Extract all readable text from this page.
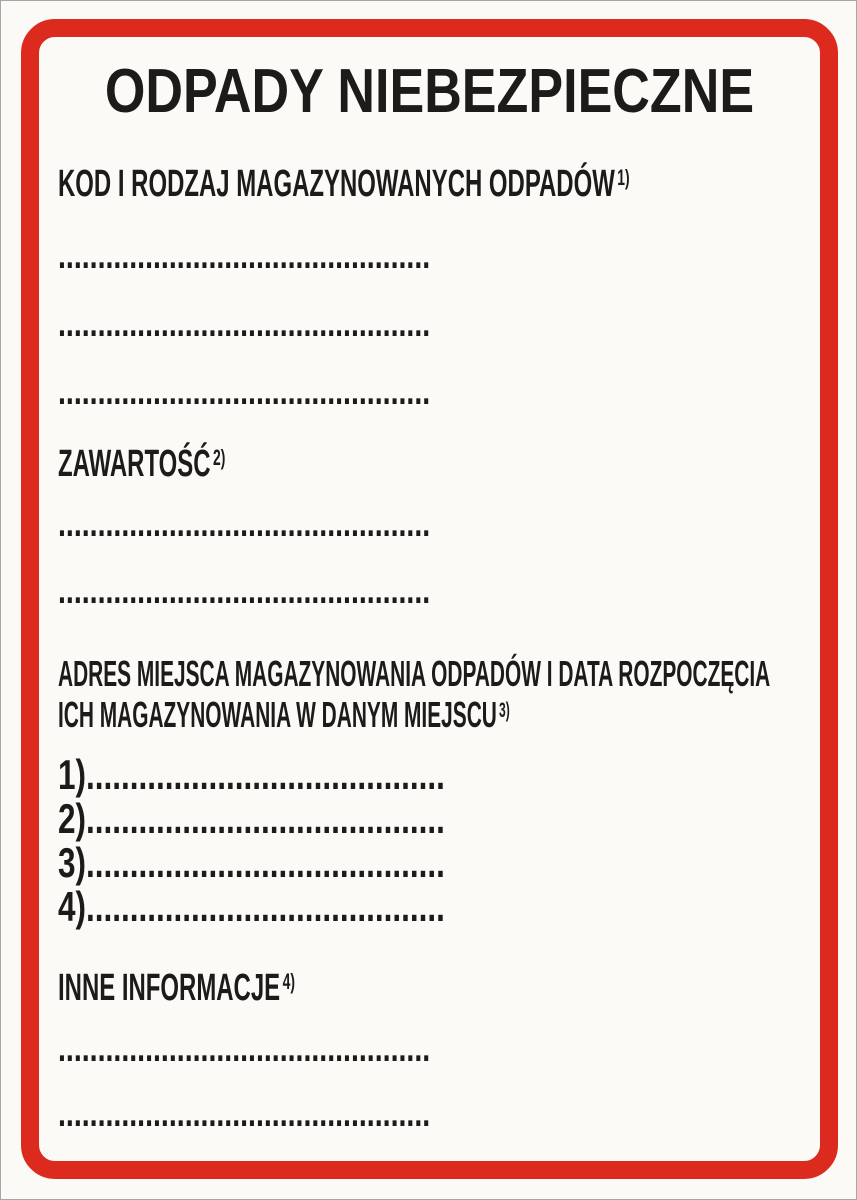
ODPADY NIEBEZPIECZNE
KOD I RODZAJ MAGAZYNOWANYCH ODPADÓW $^{1)}$
...............................................
...............................................
...............................................
ZAWARTOŚĆ $^{2)}$
...............................................
...............................................
ADRES MIEJSCA MAGAZYNOWANIA ODPADÓW I DATA ROZPOCZĘCIA
ICH MAGAZYNOWANIA W DANYM MIEJSCU $^{3)}$
1).........................................
2).........................................
3).........................................
4).........................................
INNE INFORMACJE $^{4)}$
...............................................
...............................................
